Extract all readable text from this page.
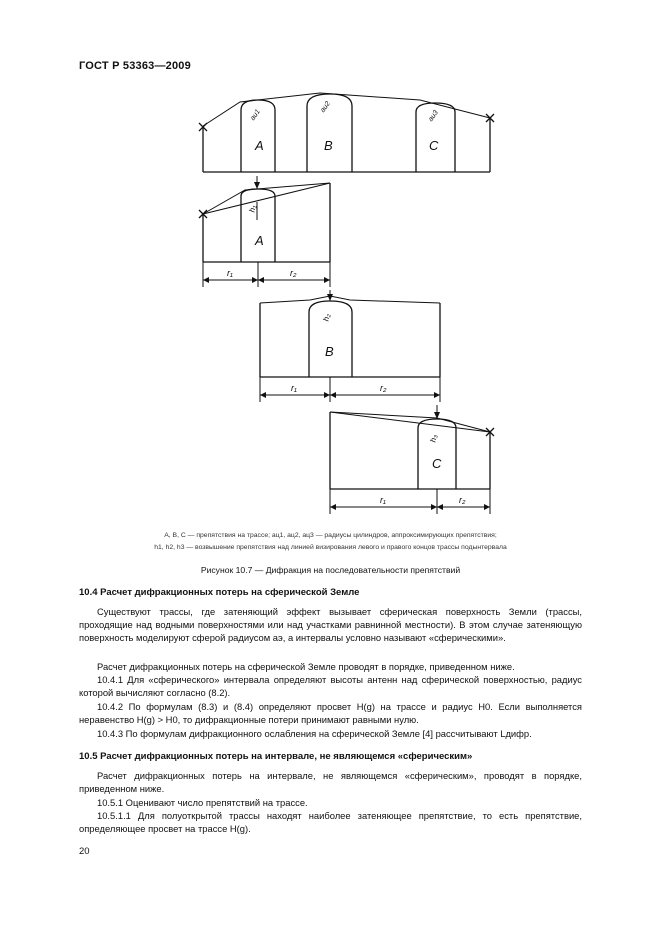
ГОСТ Р 53363—2009
A	B	C
aи1
aи2
aи3
A
h₁
r₁	r₂
B
h₂
r₁	r₂
C
h₃
r₁	r₂
A, B, C — препятствия на трассе; aц1, aц2, aц3 — радиусы цилиндров, аппроксимирующих препятствия;
h1, h2, h3 — возвышение препятствия над линией визирования левого и правого концов трассы подынтервала
Рисунок 10.7 — Дифракция на последовательности препятствий
10.4 Расчет дифракционных потерь на сферической Земле
Существуют трассы, где затеняющий эффект вызывает сферическая поверхность Земли (трассы, проходящие над водными поверхностями или над участками равнинной местности). В этом случае затеняющую поверхность моделируют сферой радиусом aэ, а интервалы условно называют «сферическими».
Расчет дифракционных потерь на сферической Земле проводят в порядке, приведенном ниже.
10.4.1 Для «сферического» интервала определяют высоты антенн над сферической поверхностью, радиус которой вычисляют согласно (8.2).
10.4.2 По формулам (8.3) и (8.4) определяют просвет H(g) на трассе и радиус H0. Если выполняется неравенство H(g) > H0, то дифракционные потери принимают равными нулю.
10.4.3 По формулам дифракционного ослабления на сферической Земле [4] рассчитывают Lдифр.
10.5 Расчет дифракционных потерь на интервале, не являющемся «сферическим»
Расчет дифракционных потерь на интервале, не являющемся «сферическим», проводят в порядке, приведенном ниже.
10.5.1 Оценивают число препятствий на трассе.
10.5.1.1 Для полуоткрытой трассы находят наиболее затеняющее препятствие, то есть препятствие, определяющее просвет на трассе H(g).
20
